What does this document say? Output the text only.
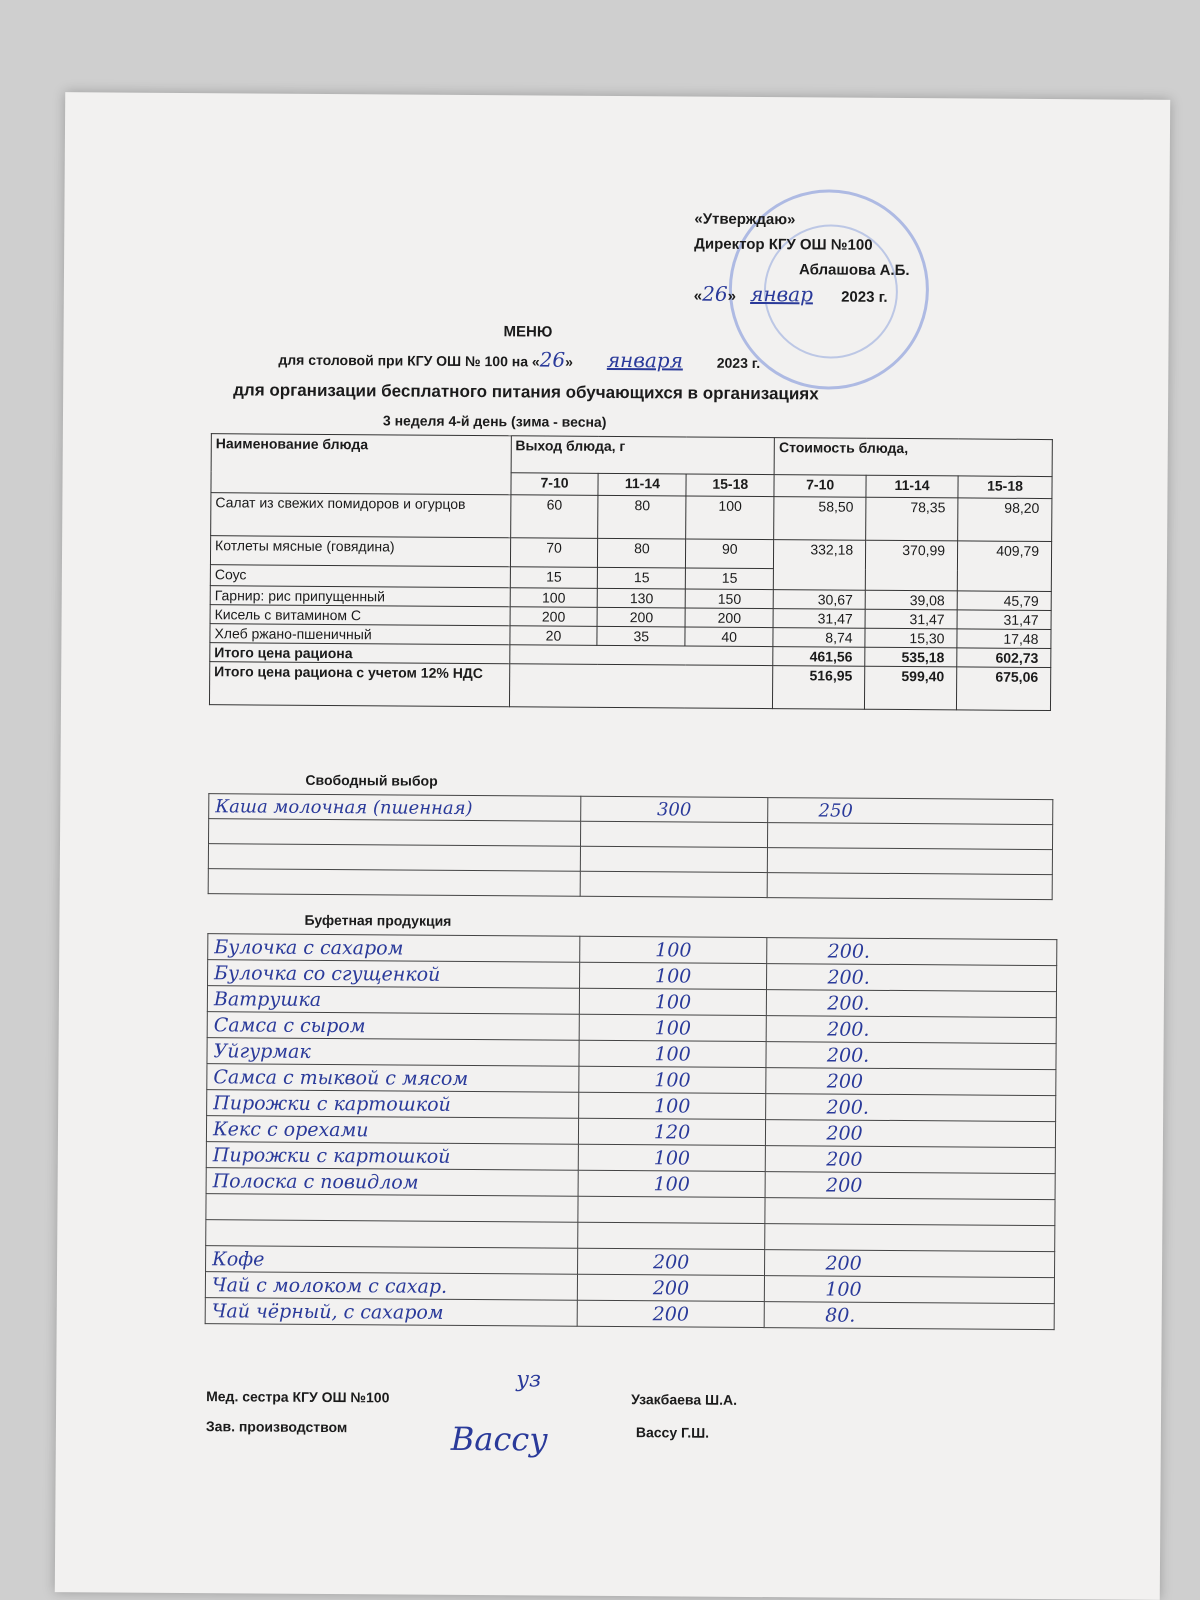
«Утверждаю»
Директор КГУ ОШ №100
Аблашова А.Б.
«26» январ 2023 г.
МЕНЮ
для столовой при КГУ ОШ № 100 на «26» января 2023 г.
для организации бесплатного питания обучающихся в организациях
3 неделя 4-й день (зима - весна)
Наименование блюда	Выход блюда, г			Стоимость блюда,		
	7-10	11-14	15-18	7-10	11-14	15-18
Салат из свежих помидоров и огурцов	60	80	100	58,50	78,35	98,20
Котлеты мясные (говядина)	70	80	90	332,18	370,99	409,79
Соус	15	15	15			
Гарнир: рис припущенный	100	130	150	30,67	39,08	45,79
Кисель с витамином С	200	200	200	31,47	31,47	31,47
Хлеб ржано-пшеничный	20	35	40	8,74	15,30	17,48
Итого цена рациона				461,56	535,18	602,73
Итого цена рациона с учетом 12% НДС				516,95	599,40	675,06
Свободный выбор
Каша молочная (пшенная)	300	250

Буфетная продукция
Булочка с сахаром	100	200.
Булочка со сгущенкой	100	200.
Ватрушка	100	200.
Самса с сыром	100	200.
Уйгурмак	100	200.
Самса с тыквой с мясом	100	200
Пирожки с картошкой	100	200.
Кекс с орехами	120	200
Пирожки с картошкой	100	200
Полоска с повидлом	100	200

Кофе	200	200
Чай с молоком с сахар.	200	100
Чай чёрный, с сахаром	200	80.
Мед. сестра КГУ ОШ №100
уз
Узакбаева Ш.А.
Зав. производством	Вассу	Вассу Г.Ш.
